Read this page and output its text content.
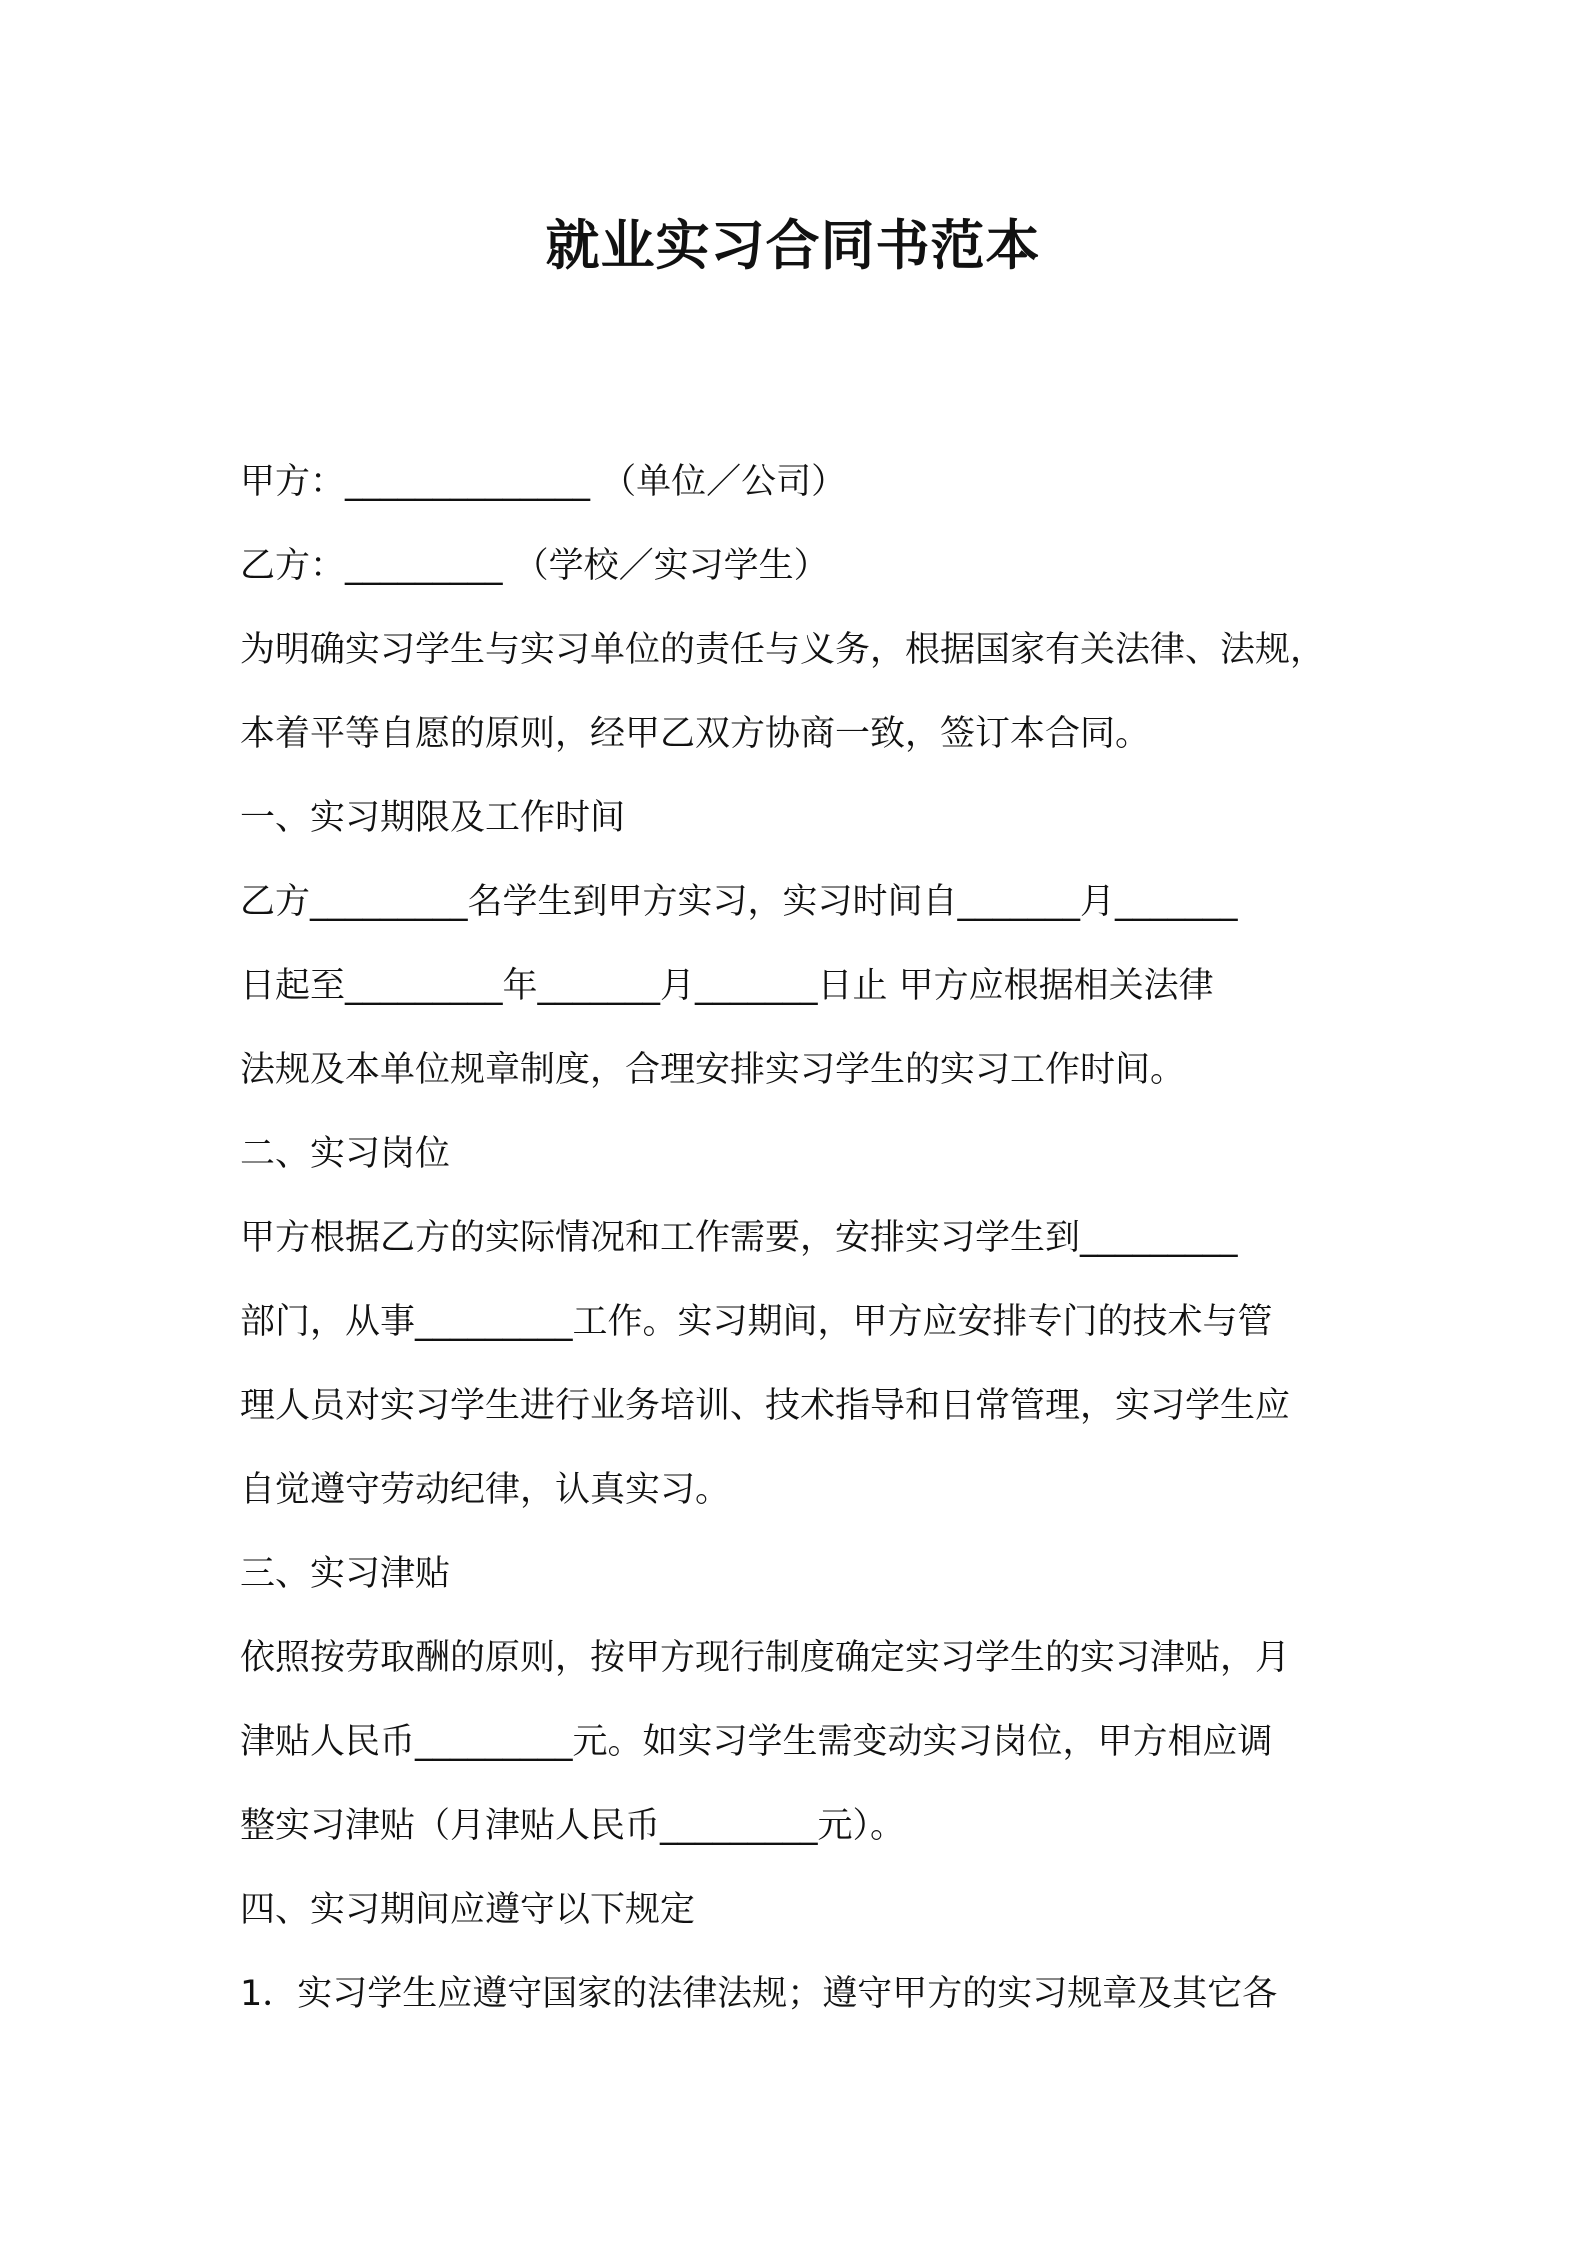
就业实习合同书范本
甲方：______________ （单位／公司）
乙方：_________ （学校／实习学生）
为明确实习学生与实习单位的责任与义务，根据国家有关法律、法规，
本着平等自愿的原则，经甲乙双方协商一致，签订本合同。
一、实习期限及工作时间
乙方_________名学生到甲方实习，实习时间自_______月_______
日起至_________年_______月_______日止 甲方应根据相关法律
法规及本单位规章制度，合理安排实习学生的实习工作时间。
二、实习岗位
甲方根据乙方的实际情况和工作需要，安排实习学生到_________
部门，从事_________工作。实习期间，甲方应安排专门的技术与管
理人员对实习学生进行业务培训、技术指导和日常管理，实习学生应
自觉遵守劳动纪律，认真实习。
三、实习津贴
依照按劳取酬的原则，按甲方现行制度确定实习学生的实习津贴，月
津贴人民币_________元。如实习学生需变动实习岗位，甲方相应调
整实习津贴（月津贴人民币_________元）。
四、实习期间应遵守以下规定
1．实习学生应遵守国家的法律法规；遵守甲方的实习规章及其它各
